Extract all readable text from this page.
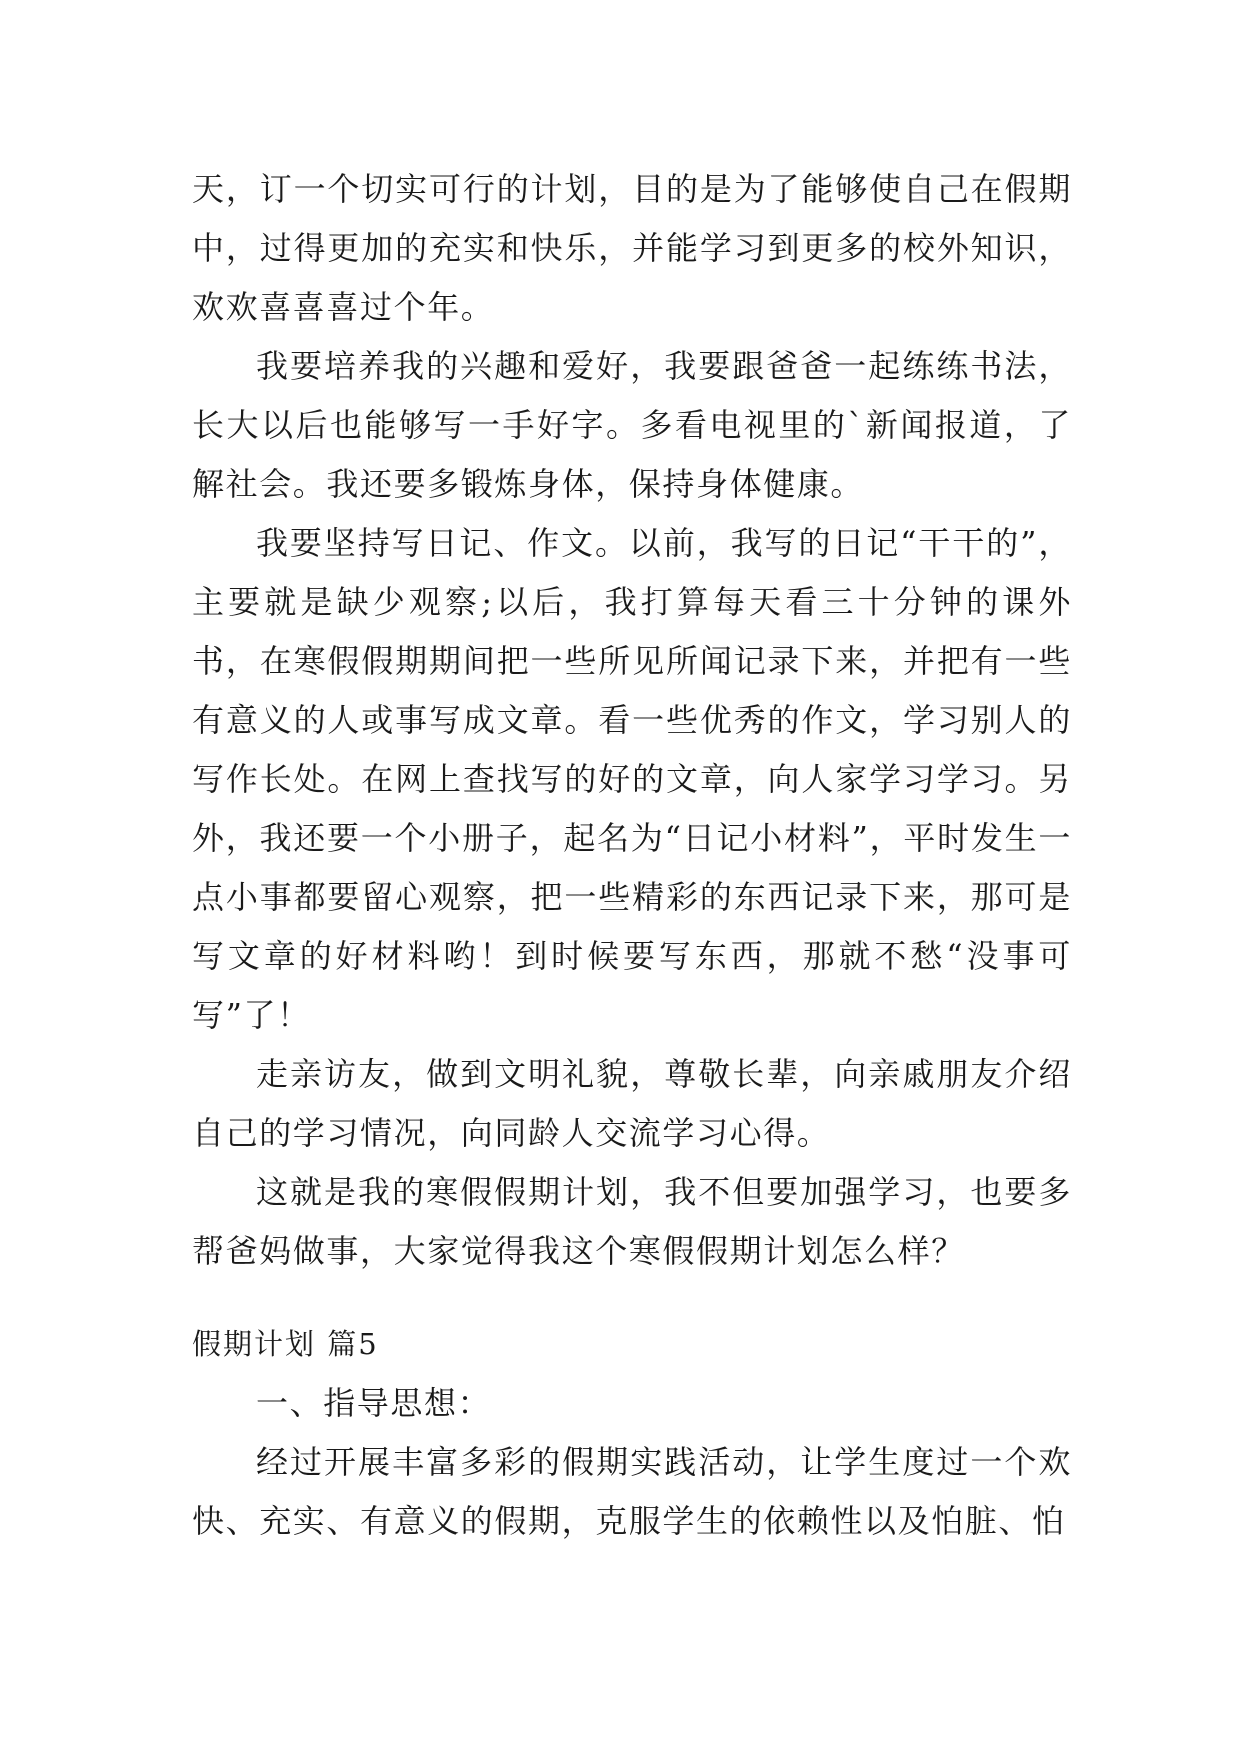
天，订一个切实可行的计划，目的是为了能够使自己在假期中，过得更加的充实和快乐，并能学习到更多的校外知识，欢欢喜喜喜过个年。

我要培养我的兴趣和爱好，我要跟爸爸一起练练书法，长大以后也能够写一手好字。多看电视里的`新闻报道，了解社会。我还要多锻炼身体，保持身体健康。

我要坚持写日记、作文。以前，我写的日记“干干的”，主要就是缺少观察;以后，我打算每天看三十分钟的课外书，在寒假假期期间把一些所见所闻记录下来，并把有一些有意义的人或事写成文章。看一些优秀的作文，学习别人的写作长处。在网上查找写的好的文章，向人家学习学习。另外，我还要一个小册子，起名为“日记小材料”，平时发生一点小事都要留心观察，把一些精彩的东西记录下来，那可是写文章的好材料哟！到时候要写东西，那就不愁“没事可写”了！

走亲访友，做到文明礼貌，尊敬长辈，向亲戚朋友介绍自己的学习情况，向同龄人交流学习心得。

这就是我的寒假假期计划，我不但要加强学习，也要多帮爸妈做事，大家觉得我这个寒假假期计划怎么样？

假期计划 篇5

一、指导思想：

经过开展丰富多彩的假期实践活动，让学生度过一个欢快、充实、有意义的假期，克服学生的依赖性以及怕脏、怕
